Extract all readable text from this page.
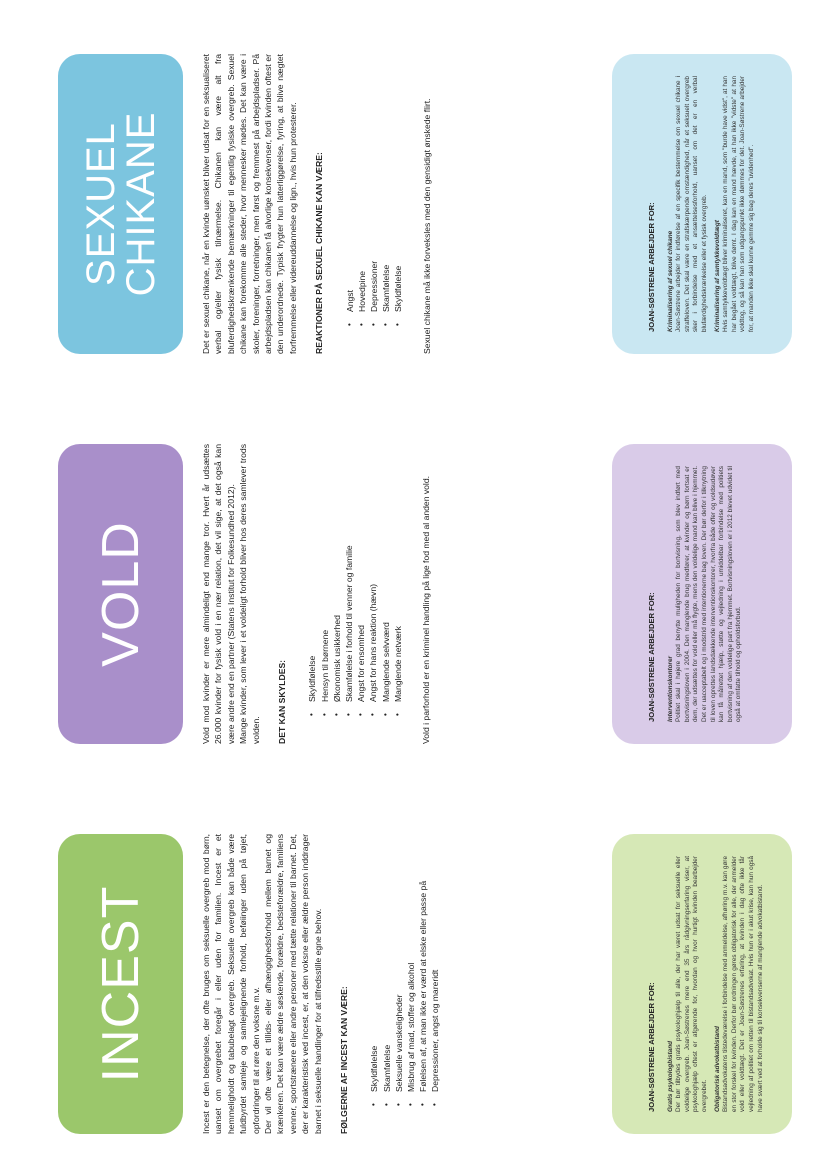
INCEST	Incest er den betegnelse, der ofte bruges om seksuelle overgreb mod børn, uanset om overgrebet foregår i eller uden for familien. Incest er et hemmeligholdt og tabubelagt overgreb. Seksuelle overgreb kan både være fuldbyrdet samleje og samlejelignende forhold, beføiinger uden på tøjet, opfordringer til at røre den voksne m.v. Der vil ofte være et tillids- eller afhængighedsforhold mellem barnet og krænkeren. Det kan være ældre søskende, forældre, bedsteforældre, familiens venner, sportstrænere eller andre personer med tætte relationer til barnet. Det, der er karakteristisk ved incest, er, at den voksne eller ældre person inddrager barnet i seksuelle handlinger for at tilfredsstille egne behov. FØLGERNE AF INCEST KAN VÆRE: • Skyldfølelse • Skamfølelse • Seksuelle vanskeligheder • Misbrug af mad, stoffer og alkohol • Følelsen af, at man ikke er værd at elske eller passe på • Depressioner, angst og mareridt	JOAN-SØSTRENE ARBEJDER FOR: Gratis psykologbistand Der bør tilbydes gratis psykologhjælp til alle, der har været udsat for seksuelle eller voldelige overgreb. Joan-Søstrenes mere end 35 års rådgivningserfaring viser, at psykologhjælp oftest er afgørende for, hvordan og hvor hurtigt kvinden bearbejder overgrebet. Obligatorisk advokatbistand Bistandsadvokatens tilstedeværelse i forbindelse med anmeldelse, afhøring m.v. kan gøre en stor forskel for kvinden. Derfor bør ordningen gøres obligatorisk for alle, der anmelder vold eller voldtægt. Det er Joan-Søstrenes erfaring, at kvinden i dag ofte ikke får vejledning af politiet om retten til bistandsadvokat. Hvis hun er i akut krise, kan hun også have svært ved at forholde sig til konsekvenserne af manglende advokatbistand.

VOLD	Vold mod kvinder er mere almindeligt end mange tror. Hvert år udsættes 26.000 kvinder for fysisk vold i en nær relation, det vil sige, at det også kan være andre end en partner (Statens Institut for Folkesundhed 2012). Mange kvinder, som lever i et voldeligt forhold bliver hos deres samlever trods volden. DET KAN SKYLDES: • Skyldfølelse • Hensyn til børnene • Økonomisk usikkerhed • Skamfølelse i forhold til venner og familie • Angst for ensomhed • Angst for hans reaktion (hævn) • Manglende selvværd • Manglende netværk Vold i parforhold er en kriminel handling på lige fod med al anden vold.	JOAN-SØSTRENE ARBEJDER FOR: Interventionskontorer Politiet skal i højere grad benytte muligheden for bortvisning, som blev indført med bortvisningsloven i 2004. Den manglende brug medfører, at kvinder og børn fortsat er dem, der udsættes for vold eller må flygte, mens den voldelige mand kan blive i hjemmet. Det er uacceptabelt og i modstrid med intentionerne bag loven. Der bør derfor i tilknytning til loven oprettes landsdækkende interventionskontorer, hvorfra både offer og voldsudøver kan få målrettet hjælp, støtte og vejledning i umiddelbar forbindelse med politiets bortvisning af den voldelige part fra hjemmet. Bortvisningsloven er i 2012 blevet udvidet til også at omfatte tilhold og opholdsforbud.

SEXUEL
CHIKANE	Det er sexuel chikane, når en kvinde uønsket bliver udsat for en seksualiseret verbal og/eller fysisk tilnærmelse. Chikanen kan være alt fra bluferdighedskrænkende bemærkninger til egentlig fysiske overgreb. Sexuel chikane kan forekomme alle steder, hvor mennesker mødes. Det kan være i skoler, foreninger, forretninger, men først og fremmest på arbejdspladser. På arbejdspladsen kan chikanen få alvorlige konsekvenser, fordi kvinden oftest er den underordnede. Typisk frygter hun latterliggørelse, fyring, at blive nægtet forfremmelse eller videreuddannelse og lign., hvis hun protesterer. REAKTIONER PÅ SEXUEL CHIKANE KAN VÆRE: • Angst • Hovedpine • Depressioner • Skamfølelse • Skyldfølelse Sexuel chikane må ikke forveksles med den gensidigt ønskede flirt.	JOAN-SØSTRENE ARBEJDER FOR: Kriminalisering af sexuel chikane Joan-Søstrene arbejder for indførelse af en specifik bestemmelse om sexuel chikane i straffeloven. Det skal være en strafskærpende omstændighed, når et seksuelt overgreb sker i forbindelse med et ansættelsesforhold, uanset om det er en verbal blufærdighedskrænkelse eller et fysisk overgreb. Kriminalisering af samtykkevoldtægt Hvis samtykkevoldtægt bliver kriminaliseret, kan en mand, som "burde have vidst", at han har begået voldtægt, blive dømt. I dag kan en mand hævde, at han ikke "vidste" at han voldtog, og så kan han som udgangspunkt ikke dømmes for det. Joan-Søstrene arbejder for, at manden ikke skal kunne gemme sig bag deres "uvidenhed".
